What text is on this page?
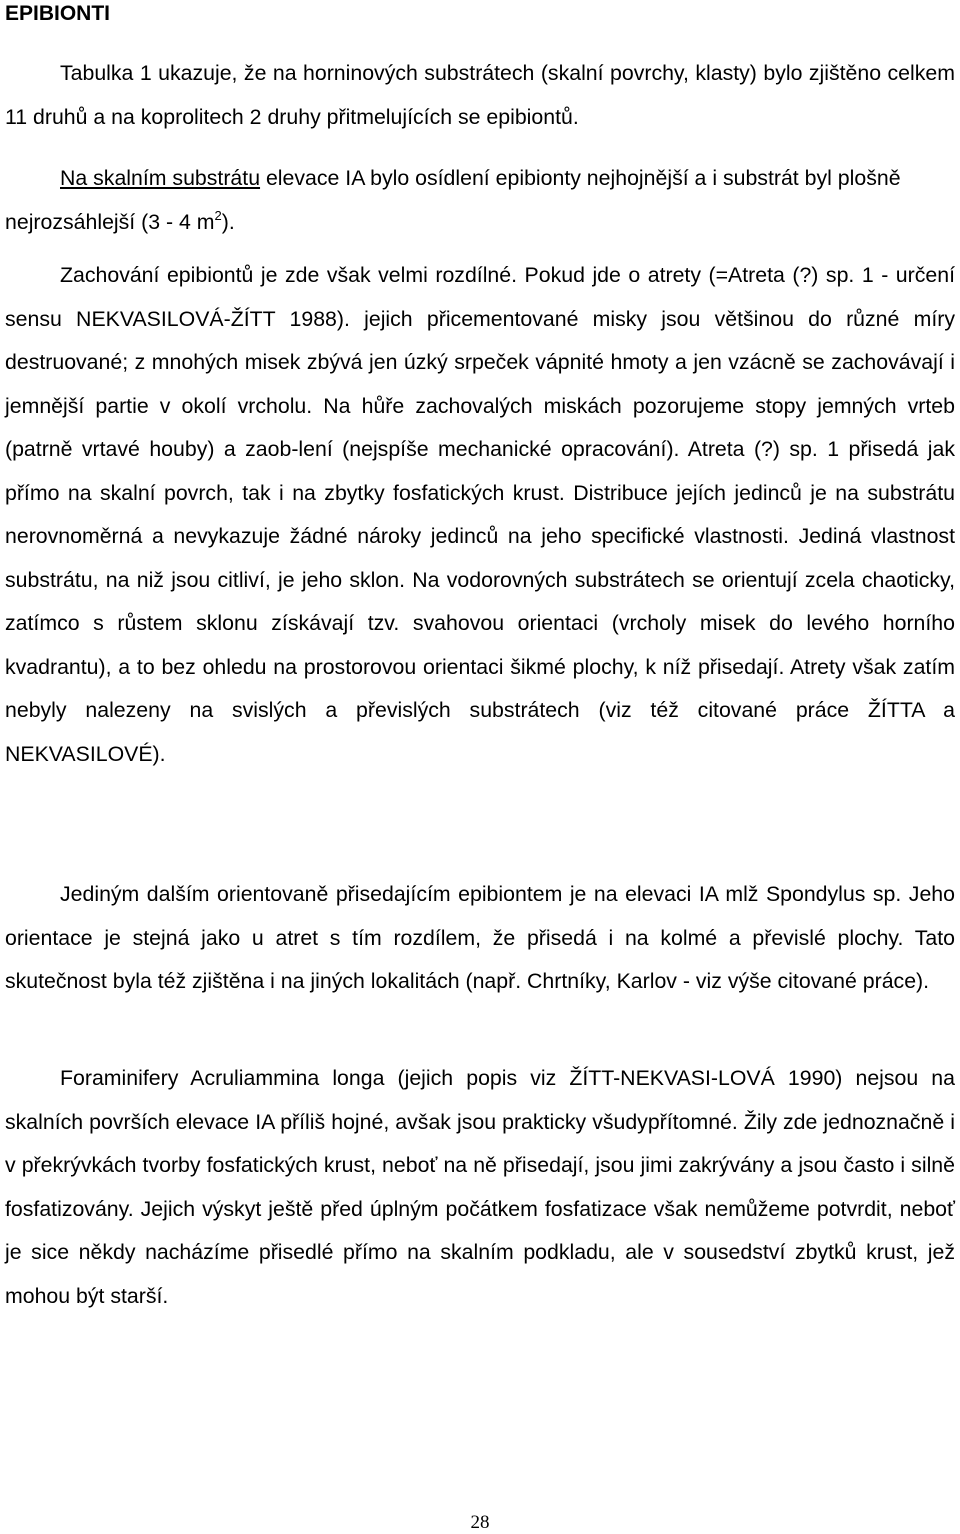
EPIBIONTI

Tabulka 1 ukazuje, že na horninových substrátech (skalní povrchy, klasty) bylo zjištěno celkem 11 druhů a na koprolitech 2 druhy přitmelujících se epibiontů.

Na skalním substrátu elevace IA bylo osídlení epibionty nejhojnější a i substrát byl plošně nejrozsáhlejší (3 - 4 $m^2$).

Zachování epibiontů je zde však velmi rozdílné. Pokud jde o atrety (=Atreta (?) sp. 1 - určení sensu NEKVASILOVÁ-ŽÍTT 1988). jejich přicementované misky jsou většinou do různé míry destruované; z mnohých misek zbývá jen úzký srpeček vápnité hmoty a jen vzácně se zachovávají i jemnější partie v okolí vrcholu. Na hůře zachovalých miskách pozorujeme stopy jemných vrteb (patrně vrtavé houby) a zaob-lení (nejspíše mechanické opracování). Atreta (?) sp. 1 přisedá jak přímo na skalní povrch, tak i na zbytky fosfatických krust. Distribuce jejích jedinců je na substrátu nerovnoměrná a nevykazuje žádné nároky jedinců na jeho specifické vlastnosti. Jediná vlastnost substrátu, na niž jsou citliví, je jeho sklon. Na vodorovných substrátech se orientují zcela chaoticky, zatímco s růstem sklonu získávají tzv. svahovou orientaci (vrcholy misek do levého horního kvadrantu), a to bez ohledu na prostorovou orientaci šikmé plochy, k níž přisedají. Atrety však zatím nebyly nalezeny na svislých a převislých substrátech (viz též citované práce ŽÍTTA a NEKVASILOVÉ).

Jediným dalším orientovaně přisedajícím epibiontem je na elevaci IA mlž Spondylus sp. Jeho orientace je stejná jako u atret s tím rozdílem, že přisedá i na kolmé a převislé plochy. Tato skutečnost byla též zjištěna i na jiných lokalitách (např. Chrtníky, Karlov - viz výše citované práce).

Foraminifery Acruliammina longa (jejich popis viz ŽÍTT-NEKVASI-LOVÁ 1990) nejsou na skalních površích elevace IA příliš hojné, avšak jsou prakticky všudypřítomné. Žily zde jednoznačně i v překrývkách tvorby fosfatických krust, neboť na ně přisedají, jsou jimi zakrývány a jsou často i silně fosfatizovány. Jejich výskyt ještě před úplným počátkem fosfatizace však nemůžeme potvrdit, neboť je sice někdy nacházíme přisedlé přímo na skalním podkladu, ale v sousedství zbytků krust, jež mohou být starší.

28
